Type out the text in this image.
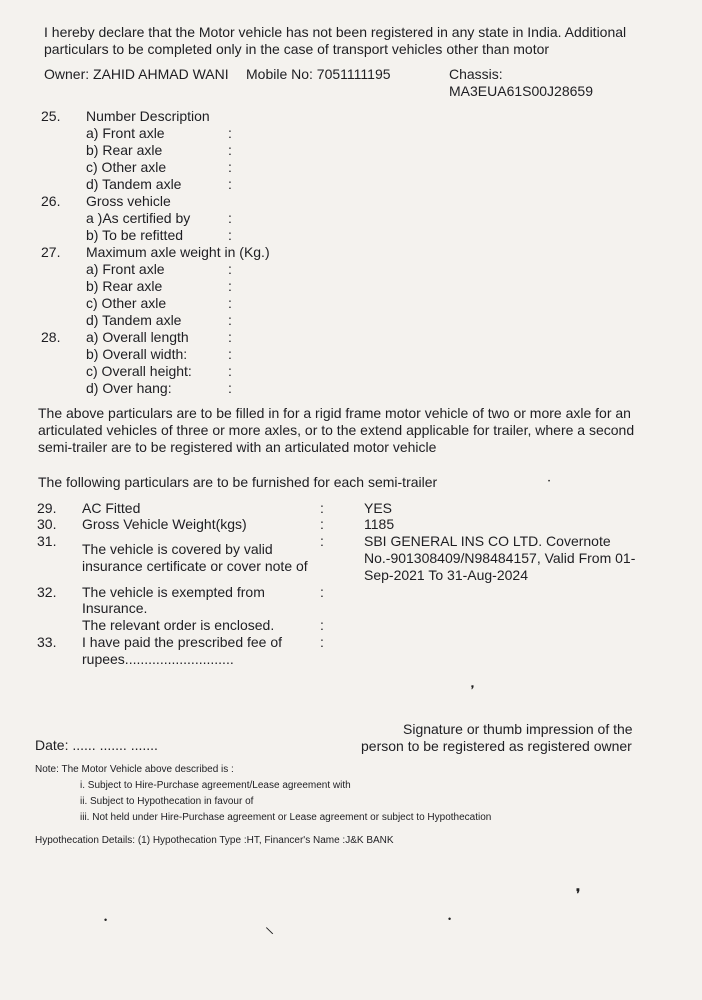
I hereby declare that the Motor vehicle has not been registered in any state in India. Additional
particulars to be completed only in the case of transport vehicles other than motor
Owner: ZAHID AHMAD WANI Mobile No: 7051111195	Chassis:
MA3EUA61S00J28659
25. Number Description
a) Front axle	:
b) Rear axle	:
c) Other axle	:
d) Tandem axle	:
26. Gross vehicle
a )As certified by	:
b) To be refitted	:
27. Maximum axle weight in (Kg.)
a) Front axle	:
b) Rear axle	:
c) Other axle	:
d) Tandem axle	:
28. a) Overall length	:
b) Overall width:	:
c) Overall height:	:
d) Over hang:	:
The above particulars are to be filled in for a rigid frame motor vehicle of two or more axle for an
articulated vehicles of three or more axles, or to the extend applicable for trailer, where a second
semi-trailer are to be registered with an articulated motor vehicle
The following particulars are to be furnished for each semi-trailer
29. AC Fitted	:	YES
30. Gross Vehicle Weight(kgs)	:	1185
31. The vehicle is covered by valid
insurance certificate or cover note of
:	SBI GENERAL INS CO LTD. Covernote
No.-901308409/N98484157, Valid From 01-
Sep-2021 To 31-Aug-2024
32. The vehicle is exempted from	:
Insurance.
The relevant order is enclosed.	:
33. I have paid the prescribed fee of	:
rupees............................
Signature or thumb impression of the
person to be registered as registered owner
Date: ...... ....... .......
Note: The Motor Vehicle above described is :
i. Subject to Hire-Purchase agreement/Lease agreement with
ii. Subject to Hypothecation in favour of
iii. Not held under Hire-Purchase agreement or Lease agreement or subject to Hypothecation
Hypothecation Details: (1) Hypothecation Type :HT, Financer's Name :J&K BANK
❜
❜
•	•
\
•
